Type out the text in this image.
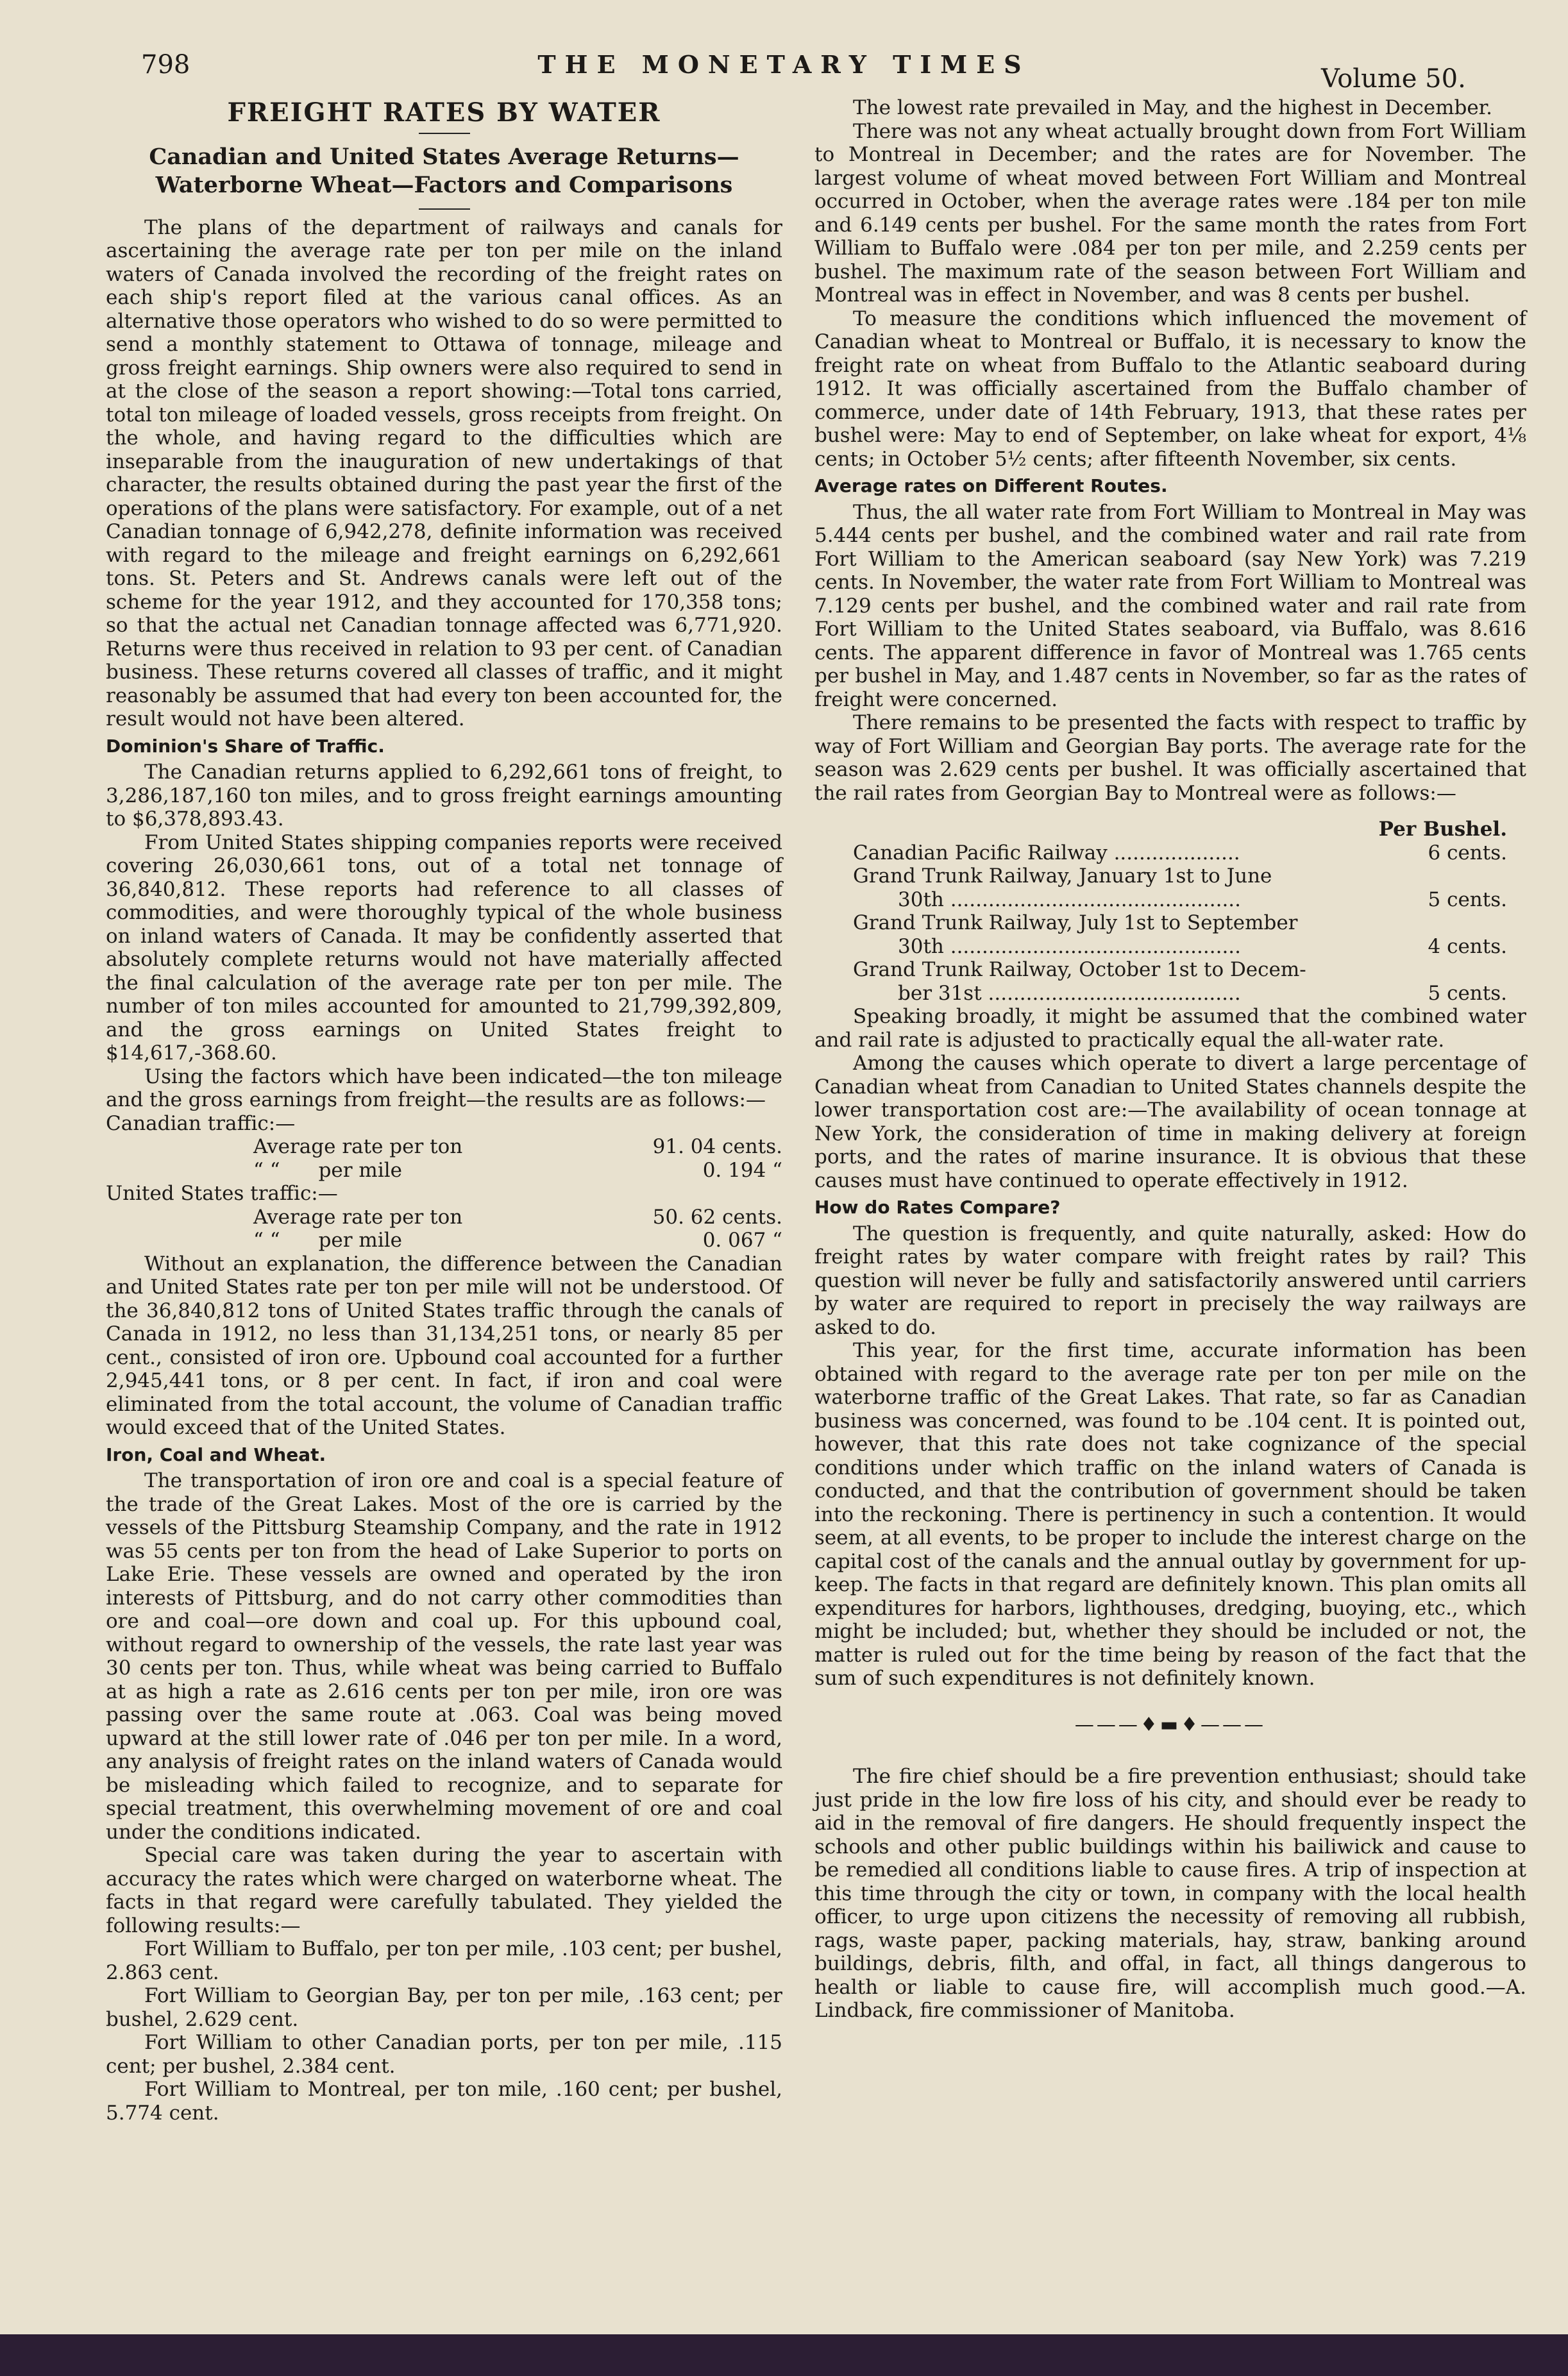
798	THE MONETARY TIMES	Volume 50.
FREIGHT RATES BY WATER
Canadian and United States Average Returns—Waterborne Wheat—Factors and Comparisons

The plans of the department of railways and canals for ascertaining the average rate per ton per mile on the inland waters of Canada involved the recording of the freight rates on each ship's report filed at the various canal offices. As an alternative those operators who wished to do so were permitted to send a monthly statement to Ottawa of tonnage, mileage and gross freight earnings. Ship owners were also required to send in at the close of the season a report showing:—Total tons carried, total ton mileage of loaded vessels, gross receipts from freight. On the whole, and having regard to the difficulties which are inseparable from the inauguration of new undertakings of that character, the results obtained during the past year the first of the operations of the plans were satisfactory. For example, out of a net Canadian tonnage of 6,942,278, definite information was received with regard to the mileage and freight earnings on 6,292,661 tons. St. Peters and St. Andrews canals were left out of the scheme for the year 1912, and they accounted for 170,358 tons; so that the actual net Canadian tonnage affected was 6,771,920. Returns were thus received in relation to 93 per cent. of Canadian business. These returns covered all classes of traffic, and it might reasonably be assumed that had every ton been accounted for, the result would not have been altered.

Dominion's Share of Traffic.

The Canadian returns applied to 6,292,661 tons of freight, to 3,286,187,160 ton miles, and to gross freight earnings amounting to $6,378,893.43.

From United States shipping companies reports were received covering 26,030,661 tons, out of a total net tonnage of 36,840,812. These reports had reference to all classes of commodities, and were thoroughly typical of the whole business on inland waters of Canada. It may be confidently asserted that absolutely complete returns would not have materially affected the final calculation of the average rate per ton per mile. The number of ton miles accounted for amounted to 21,799,392,809, and the gross earnings on United States freight to $14,617,-368.60.

Using the factors which have been indicated—the ton mileage and the gross earnings from freight—the results are as follows:—

Canadian traffic:—

Average rate per ton	91. 04 cents.
“ “	per mile	0. 194 “

United States traffic:—

Average rate per ton	50. 62 cents.
“ “	per mile	0. 067 “

Without an explanation, the difference between the Canadian and United States rate per ton per mile will not be understood. Of the 36,840,812 tons of United States traffic through the canals of Canada in 1912, no less than 31,134,251 tons, or nearly 85 per cent., consisted of iron ore. Upbound coal accounted for a further 2,945,441 tons, or 8 per cent. In fact, if iron and coal were eliminated from the total account, the volume of Canadian traffic would exceed that of the United States.

Iron, Coal and Wheat.

The transportation of iron ore and coal is a special feature of the trade of the Great Lakes. Most of the ore is carried by the vessels of the Pittsburg Steamship Company, and the rate in 1912 was 55 cents per ton from the head of Lake Superior to ports on Lake Erie. These vessels are owned and operated by the iron interests of Pittsburg, and do not carry other commodities than ore and coal—ore down and coal up. For this upbound coal, without regard to ownership of the vessels, the rate last year was 30 cents per ton. Thus, while wheat was being carried to Buffalo at as high a rate as 2.616 cents per ton per mile, iron ore was passing over the same route at .063. Coal was being moved upward at the still lower rate of .046 per ton per mile. In a word, any analysis of freight rates on the inland waters of Canada would be misleading which failed to recognize, and to separate for special treatment, this overwhelming movement of ore and coal under the conditions indicated.

Special care was taken during the year to ascertain with accuracy the rates which were charged on waterborne wheat. The facts in that regard were carefully tabulated. They yielded the following results:—

Fort William to Buffalo, per ton per mile, .103 cent; per bushel, 2.863 cent.

Fort William to Georgian Bay, per ton per mile, .163 cent; per bushel, 2.629 cent.

Fort William to other Canadian ports, per ton per mile, .115 cent; per bushel, 2.384 cent.

Fort William to Montreal, per ton mile, .160 cent; per bushel, 5.774 cent.

The lowest rate prevailed in May, and the highest in December.

There was not any wheat actually brought down from Fort William to Montreal in December; and the rates are for November. The largest volume of wheat moved between Fort William and Montreal occurred in October, when the average rates were .184 per ton mile and 6.149 cents per bushel. For the same month the rates from Fort William to Buffalo were .084 per ton per mile, and 2.259 cents per bushel. The maximum rate of the season between Fort William and Montreal was in effect in November, and was 8 cents per bushel.

To measure the conditions which influenced the movement of Canadian wheat to Montreal or Buffalo, it is necessary to know the freight rate on wheat from Buffalo to the Atlantic seaboard during 1912. It was officially ascertained from the Buffalo chamber of commerce, under date of 14th February, 1913, that these rates per bushel were: May to end of September, on lake wheat for export, 4⅛ cents; in October 5½ cents; after fifteenth November, six cents.

Average rates on Different Routes.

Thus, the all water rate from Fort William to Montreal in May was 5.444 cents per bushel, and the combined water and rail rate from Fort William to the American seaboard (say New York) was 7.219 cents. In November, the water rate from Fort William to Montreal was 7.129 cents per bushel, and the combined water and rail rate from Fort William to the United States seaboard, via Buffalo, was 8.616 cents. The apparent difference in favor of Montreal was 1.765 cents per bushel in May, and 1.487 cents in November, so far as the rates of freight were concerned.

There remains to be presented the facts with respect to traffic by way of Fort William and Georgian Bay ports. The average rate for the season was 2.629 cents per bushel. It was officially ascertained that the rail rates from Georgian Bay to Montreal were as follows:—

Per Bushel.
Canadian Pacific Railway ....................	6 cents.
Grand Trunk Railway, January 1st to June
30th ..............................................	5 cents.
Grand Trunk Railway, July 1st to September
30th ..............................................	4 cents.
Grand Trunk Railway, October 1st to Decem-
ber 31st ........................................	5 cents.

Speaking broadly, it might be assumed that the combined water and rail rate is adjusted to practically equal the all-water rate.

Among the causes which operate to divert a large percentage of Canadian wheat from Canadian to United States channels despite the lower transportation cost are:—The availability of ocean tonnage at New York, the consideration of time in making delivery at foreign ports, and the rates of marine insurance. It is obvious that these causes must have continued to operate effectively in 1912.

How do Rates Compare?

The question is frequently, and quite naturally, asked: How do freight rates by water compare with freight rates by rail? This question will never be fully and satisfactorily answered until carriers by water are required to report in precisely the way railways are asked to do.

This year, for the first time, accurate information has been obtained with regard to the average rate per ton per mile on the waterborne traffic of the Great Lakes. That rate, so far as Canadian business was concerned, was found to be .104 cent. It is pointed out, however, that this rate does not take cognizance of the special conditions under which traffic on the inland waters of Canada is conducted, and that the contribution of government should be taken into the reckoning. There is pertinency in such a contention. It would seem, at all events, to be proper to include the interest charge on the capital cost of the canals and the annual outlay by government for up-keep. The facts in that regard are definitely known. This plan omits all expenditures for harbors, lighthouses, dredging, buoying, etc., which might be included; but, whether they should be included or not, the matter is ruled out for the time being by reason of the fact that the sum of such expenditures is not definitely known.

———♦▬♦———

The fire chief should be a fire prevention enthusiast; should take just pride in the low fire loss of his city, and should ever be ready to aid in the removal of fire dangers. He should frequently inspect the schools and other public buildings within his bailiwick and cause to be remedied all conditions liable to cause fires. A trip of inspection at this time through the city or town, in company with the local health officer, to urge upon citizens the necessity of removing all rubbish, rags, waste paper, packing materials, hay, straw, banking around buildings, debris, filth, and offal, in fact, all things dangerous to health or liable to cause fire, will accomplish much good.—A. Lindback, fire commissioner of Manitoba.
